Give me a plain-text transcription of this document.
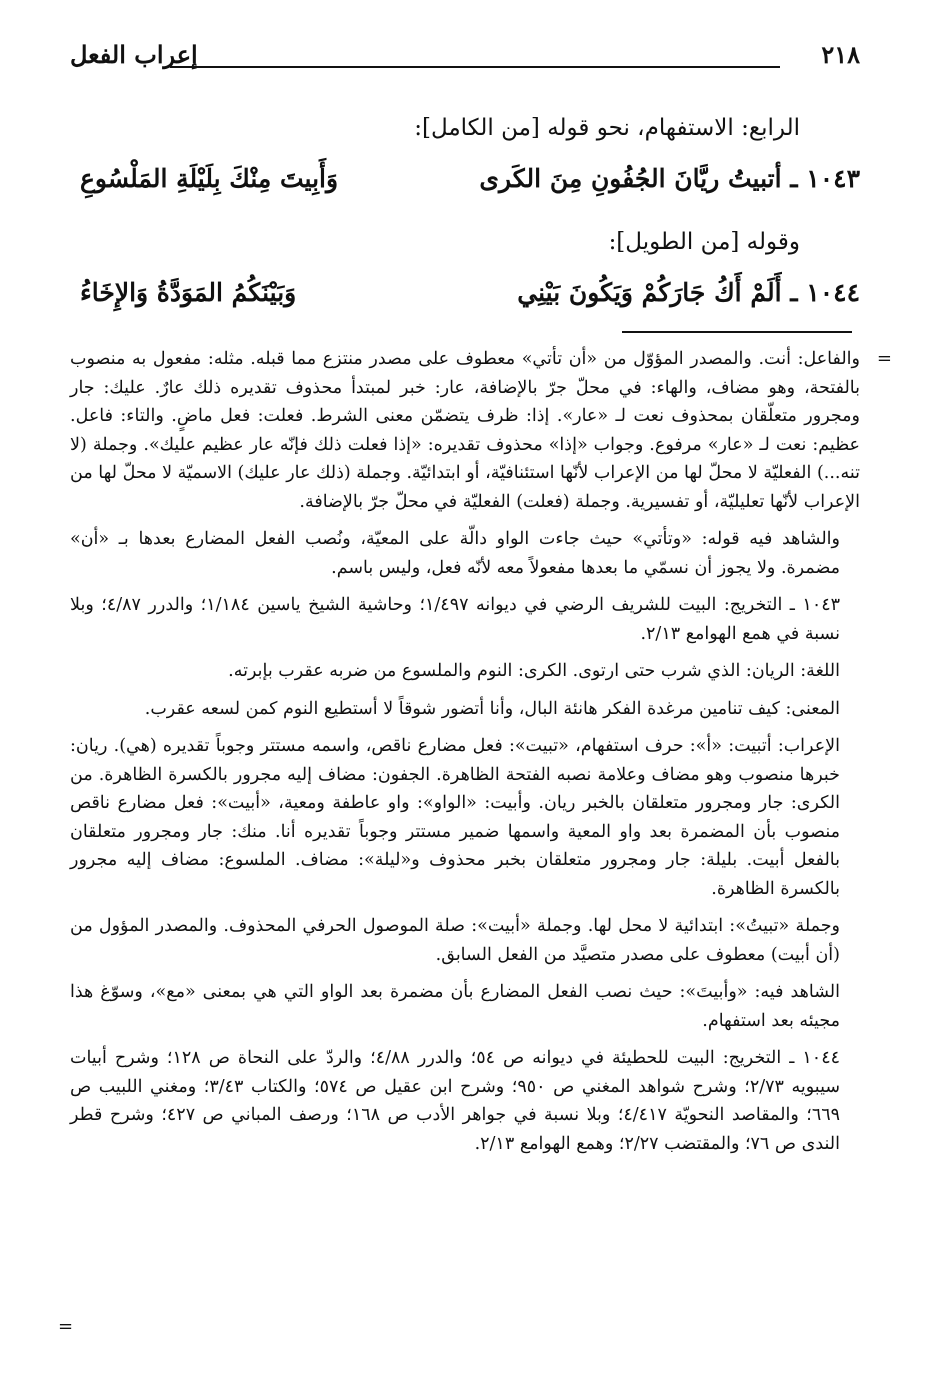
٢١٨
إعراب الفعل
الرابع: الاستفهام، نحو قوله [من الكامل]:
١٠٤٣ ـ أتبيتُ ريَّانَ الجُفُونِ مِنَ الكَرى
وَأَبِيتَ مِنْكَ بِلَيْلَةِ المَلْسُوعِ
وقوله [من الطويل]:
١٠٤٤ ـ أَلَمْ أَكُ جَارَكُمْ وَيَكُونَ بَيْنِي
وَبَيْنَكُمُ المَوَدَّةُ وَالإِخَاءُ
=

والفاعل: أنت. والمصدر المؤوّل من «أن تأتي» معطوف على مصدر منتزع مما قبله. مثله: مفعول به منصوب بالفتحة، وهو مضاف، والهاء: في محلّ جرّ بالإضافة، عار: خبر لمبتدأ محذوف تقديره ذلك عارٌ. عليك: جار ومجرور متعلّقان بمحذوف نعت لـ «عار». إذا: ظرف يتضمّن معنى الشرط. فعلت: فعل ماضٍ. والتاء: فاعل. عظيم: نعت لـ «عار» مرفوع. وجواب «إذا» محذوف تقديره: «إذا فعلت ذلك فإنّه عار عظيم عليك». وجملة (لا تنه...) الفعليّة لا محلّ لها من الإعراب لأنّها استئنافيّة، أو ابتدائيّة. وجملة (ذلك عار عليك) الاسميّة لا محلّ لها من الإعراب لأنّها تعليليّة، أو تفسيرية. وجملة (فعلت) الفعليّة في محلّ جرّ بالإضافة.

والشاهد فيه قوله: «وتأتي» حيث جاءت الواو دالّة على المعيّة، ونُصب الفعل المضارع بعدها بـ «أن» مضمرة. ولا يجوز أن نسمّي ما بعدها مفعولاً معه لأنّه فعل، وليس باسم.

١٠٤٣ ـ التخريج: البيت للشريف الرضي في ديوانه ١/٤٩٧؛ وحاشية الشيخ ياسين ١/١٨٤؛ والدرر ٤/٨٧؛ وبلا نسبة في همع الهوامع ٢/١٣.

اللغة: الريان: الذي شرب حتى ارتوى. الكرى: النوم والملسوع من ضربه عقرب بإبرته.

المعنى: كيف تنامين مرغدة الفكر هانئة البال، وأنا أتضور شوقاً لا أستطيع النوم كمن لسعه عقرب.

الإعراب: أتبيت: «أ»: حرف استفهام، «تبيت»: فعل مضارع ناقص، واسمه مستتر وجوباً تقديره (هي). ريان: خبرها منصوب وهو مضاف وعلامة نصبه الفتحة الظاهرة. الجفون: مضاف إليه مجرور بالكسرة الظاهرة. من الكرى: جار ومجرور متعلقان بالخبر ريان. وأبيت: «الواو»: واو عاطفة ومعية، «أبيت»: فعل مضارع ناقص منصوب بأن المضمرة بعد واو المعية واسمها ضمير مستتر وجوباً تقديره أنا. منك: جار ومجرور متعلقان بالفعل أبيت. بليلة: جار ومجرور متعلقان بخبر محذوف و«ليلة»: مضاف. الملسوع: مضاف إليه مجرور بالكسرة الظاهرة.

وجملة «تبيتُ»: ابتدائية لا محل لها. وجملة «أبيت»: صلة الموصول الحرفي المحذوف. والمصدر المؤول من (أن أبيت) معطوف على مصدر متصيَّد من الفعل السابق.

الشاهد فيه: «وأبيتَ»: حيث نصب الفعل المضارع بأن مضمرة بعد الواو التي هي بمعنى «مع»، وسوّغ هذا مجيئه بعد استفهام.

١٠٤٤ ـ التخريج: البيت للحطيئة في ديوانه ص ٥٤؛ والدرر ٤/٨٨؛ والردّ على النحاة ص ١٢٨؛ وشرح أبيات سيبويه ٢/٧٣؛ وشرح شواهد المغني ص ٩٥٠؛ وشرح ابن عقيل ص ٥٧٤؛ والكتاب ٣/٤٣؛ ومغني اللبيب ص ٦٦٩؛ والمقاصد النحويّة ٤/٤١٧؛ وبلا نسبة في جواهر الأدب ص ١٦٨؛ ورصف المباني ص ٤٢٧؛ وشرح قطر الندى ص ٧٦؛ والمقتضب ٢/٢٧؛ وهمع الهوامع ٢/١٣.

=
